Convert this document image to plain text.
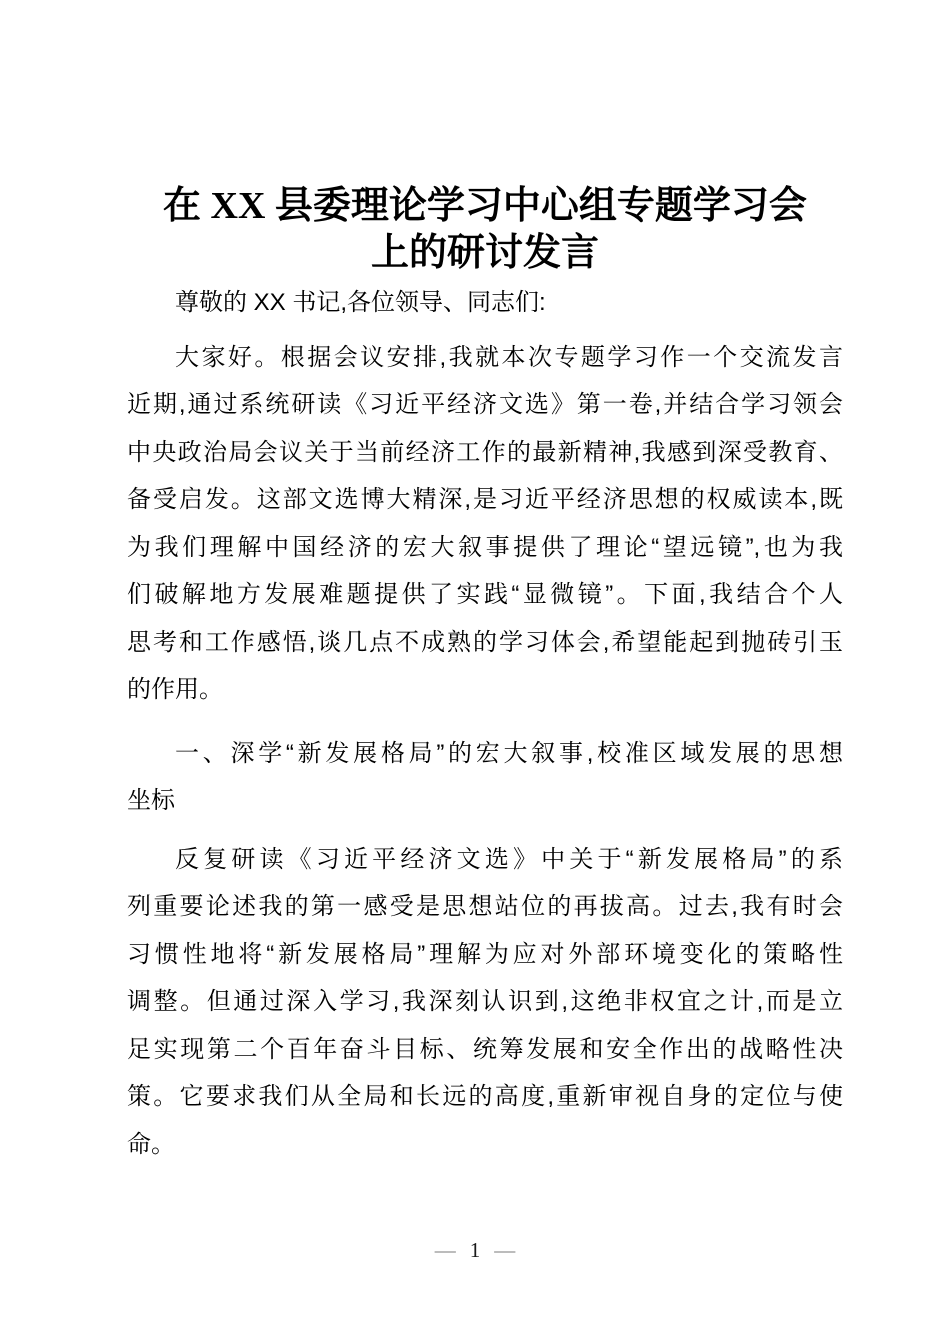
在 XX 县委理论学习中心组专题学习会
上的研讨发言
尊敬的 XX 书记,各位领导、同志们:
大家好。根据会议安排,我就本次专题学习作一个交流发言
近期,通过系统研读《习近平经济文选》第一卷,并结合学习领会
中央政治局会议关于当前经济工作的最新精神,我感到深受教育、
备受启发。这部文选博大精深,是习近平经济思想的权威读本,既
为我们理解中国经济的宏大叙事提供了理论“望远镜”,也为我
们破解地方发展难题提供了实践“显微镜”。下面,我结合个人
思考和工作感悟,谈几点不成熟的学习体会,希望能起到抛砖引玉
的作用。
一、深学“新发展格局”的宏大叙事,校准区域发展的思想
坐标
反复研读《习近平经济文选》中关于“新发展格局”的系
列重要论述我的第一感受是思想站位的再拔高。过去,我有时会
习惯性地将“新发展格局”理解为应对外部环境变化的策略性
调整。但通过深入学习,我深刻认识到,这绝非权宜之计,而是立
足实现第二个百年奋斗目标、统筹发展和安全作出的战略性决
策。它要求我们从全局和长远的高度,重新审视自身的定位与使
命。
— 1 —
